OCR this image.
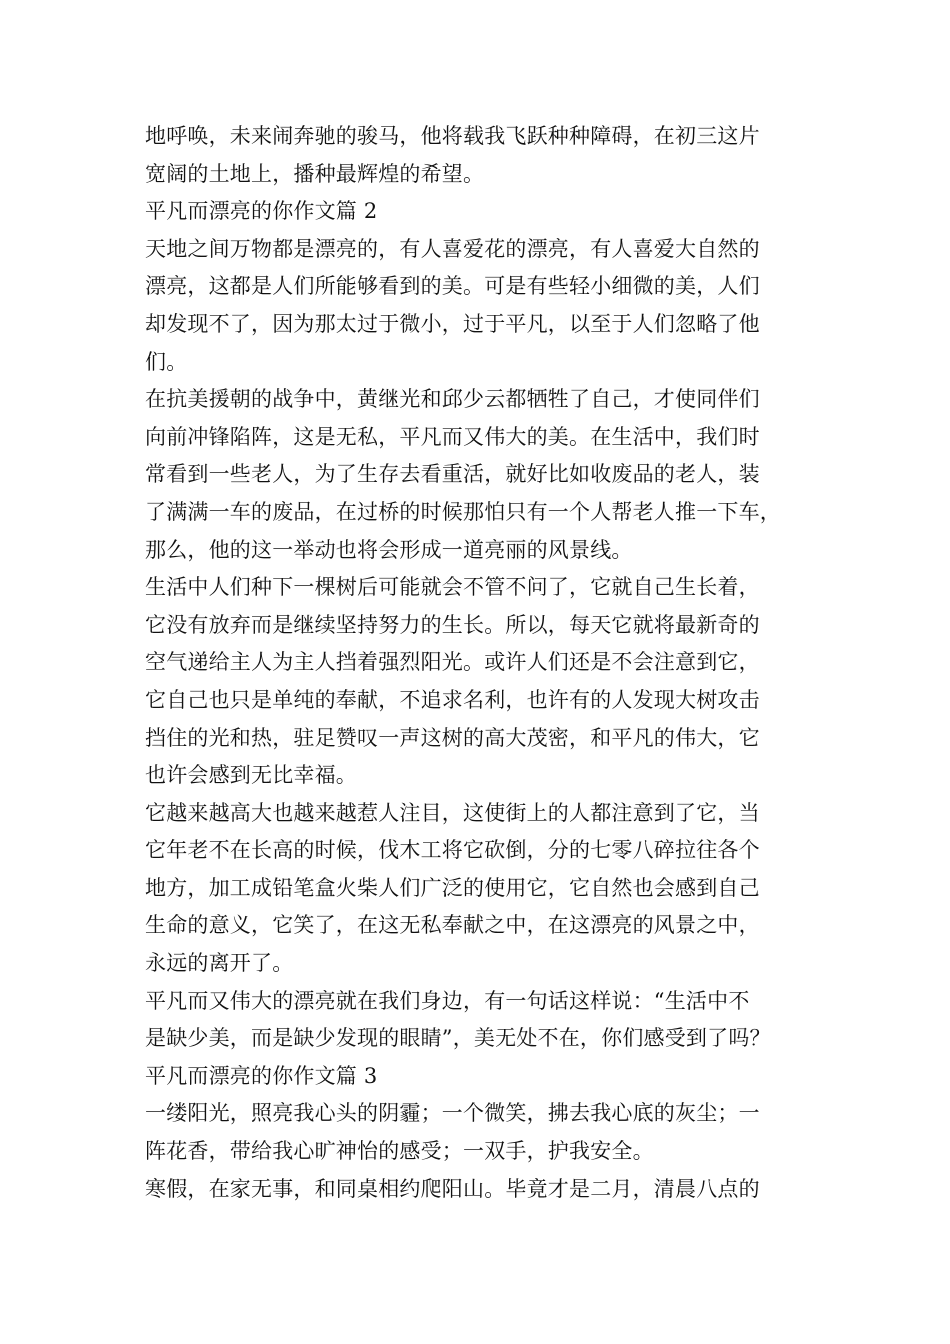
地呼唤，未来闹奔驰的骏马，他将载我飞跃种种障碍，在初三这片
宽阔的土地上，播种最辉煌的希望。
平凡而漂亮的你作文篇 2
天地之间万物都是漂亮的，有人喜爱花的漂亮，有人喜爱大自然的
漂亮，这都是人们所能够看到的美。可是有些轻小细微的美，人们
却发现不了，因为那太过于微小，过于平凡，以至于人们忽略了他
们。
在抗美援朝的战争中，黄继光和邱少云都牺牲了自己，才使同伴们
向前冲锋陷阵，这是无私，平凡而又伟大的美。在生活中，我们时
常看到一些老人，为了生存去看重活，就好比如收废品的老人，装
了满满一车的废品，在过桥的时候那怕只有一个人帮老人推一下车，
那么，他的这一举动也将会形成一道亮丽的风景线。
生活中人们种下一棵树后可能就会不管不问了，它就自己生长着，
它没有放弃而是继续坚持努力的生长。所以，每天它就将最新奇的
空气递给主人为主人挡着强烈阳光。或许人们还是不会注意到它，
它自己也只是单纯的奉献，不追求名利，也许有的人发现大树攻击
挡住的光和热，驻足赞叹一声这树的高大茂密，和平凡的伟大，它
也许会感到无比幸福。
它越来越高大也越来越惹人注目，这使街上的人都注意到了它，当
它年老不在长高的时候，伐木工将它砍倒，分的七零八碎拉往各个
地方，加工成铅笔盒火柴人们广泛的使用它，它自然也会感到自己
生命的意义，它笑了，在这无私奉献之中，在这漂亮的风景之中，
永远的离开了。
平凡而又伟大的漂亮就在我们身边，有一句话这样说：“生活中不
是缺少美，而是缺少发现的眼睛”，美无处不在，你们感受到了吗？
平凡而漂亮的你作文篇 3
一缕阳光，照亮我心头的阴霾；一个微笑，拂去我心底的灰尘；一
阵花香，带给我心旷神怡的感受；一双手，护我安全。
寒假，在家无事，和同桌相约爬阳山。毕竟才是二月，清晨八点的
